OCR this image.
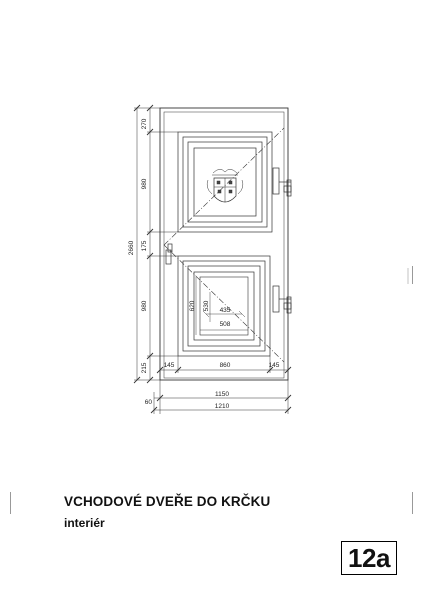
270
980
175
980
215
2660
145	860	145
1150
1210
60
620 530 435
508
VCHODOVÉ DVEŘE DO KRČKU
interiér
12a
